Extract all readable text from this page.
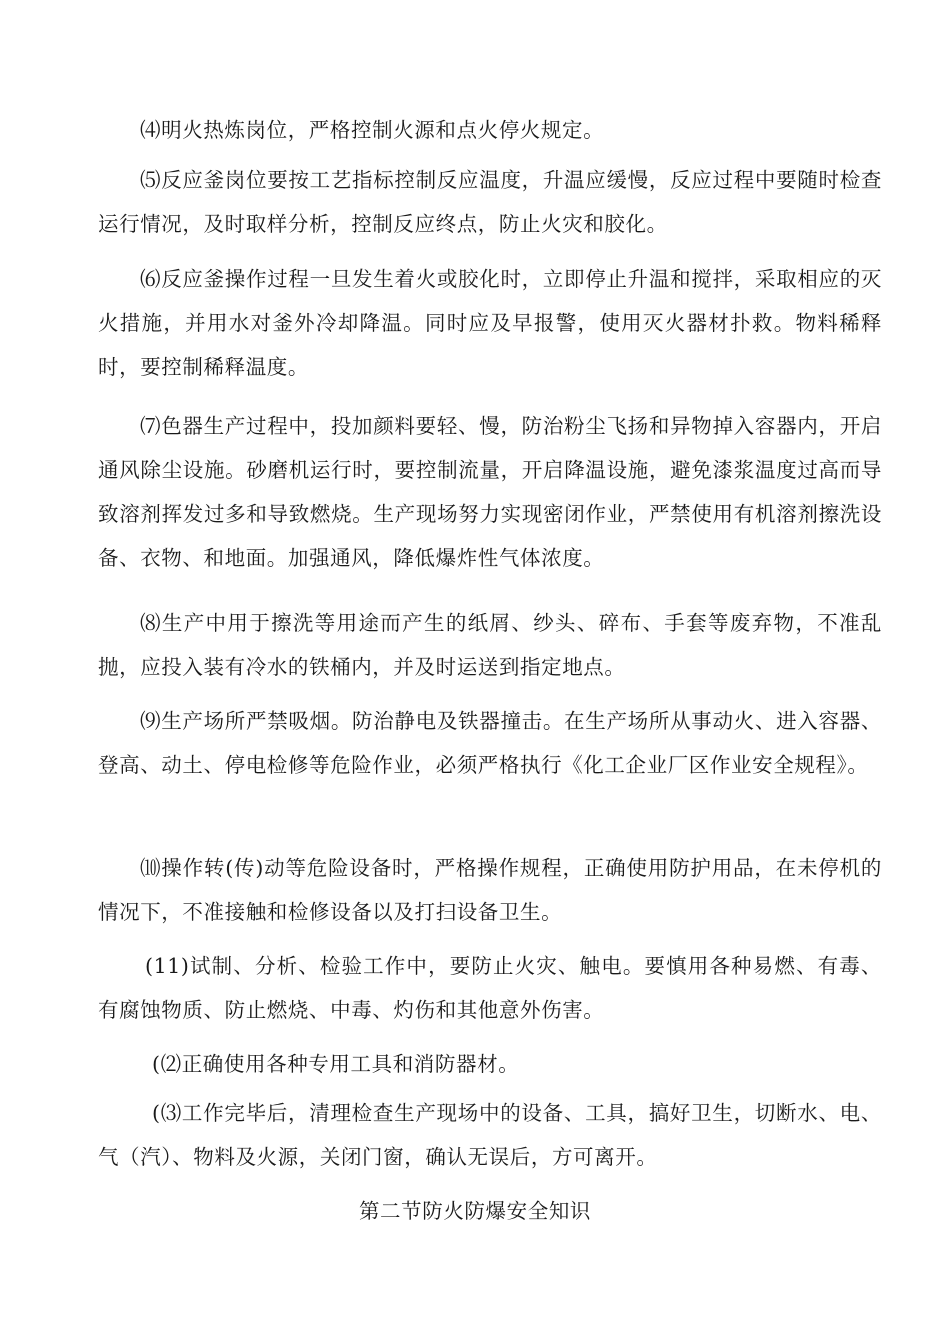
⑷明火热炼岗位，严格控制火源和点火停火规定。

⑸反应釜岗位要按工艺指标控制反应温度，升温应缓慢，反应过程中要随时检查运行情况，及时取样分析，控制反应终点，防止火灾和胶化。

⑹反应釜操作过程一旦发生着火或胶化时，立即停止升温和搅拌，采取相应的灭火措施，并用水对釜外冷却降温。同时应及早报警，使用灭火器材扑救。物料稀释时，要控制稀释温度。

⑺色器生产过程中，投加颜料要轻、慢，防治粉尘飞扬和异物掉入容器内，开启通风除尘设施。砂磨机运行时，要控制流量，开启降温设施，避免漆浆温度过高而导致溶剂挥发过多和导致燃烧。生产现场努力实现密闭作业，严禁使用有机溶剂擦洗设备、衣物、和地面。加强通风，降低爆炸性气体浓度。

⑻生产中用于擦洗等用途而产生的纸屑、纱头、碎布、手套等废弃物，不准乱抛，应投入装有冷水的铁桶内，并及时运送到指定地点。

⑼生产场所严禁吸烟。防治静电及铁器撞击。在生产场所从事动火、进入容器、登高、动土、停电检修等危险作业，必须严格执行《化工企业厂区作业安全规程》。

⑽操作转(传)动等危险设备时，严格操作规程，正确使用防护用品，在未停机的情况下，不准接触和检修设备以及打扫设备卫生。

(11)试制、分析、检验工作中，要防止火灾、触电。要慎用各种易燃、有毒、有腐蚀物质、防止燃烧、中毒、灼伤和其他意外伤害。

(⑵正确使用各种专用工具和消防器材。

(⑶工作完毕后，清理检查生产现场中的设备、工具，搞好卫生，切断水、电、气（汽）、物料及火源，关闭门窗，确认无误后，方可离开。

第二节防火防爆安全知识
